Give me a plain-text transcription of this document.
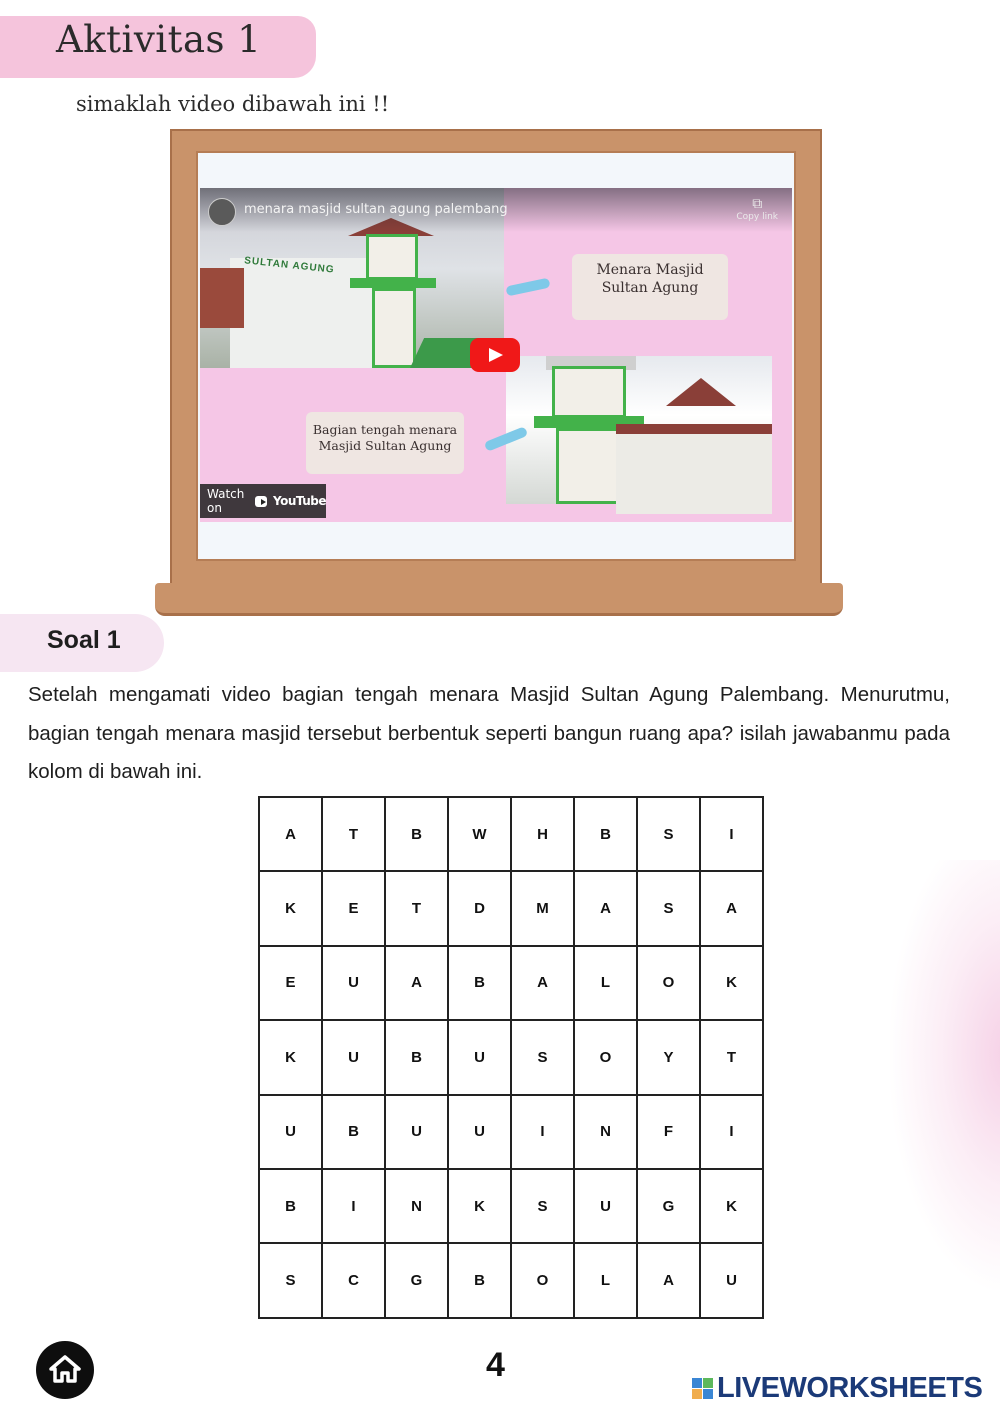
Aktivitas 1
simaklah video dibawah ini !!
SULTAN AGUNG	Menara Masjid Sultan Agung
Bagian tengah menara Masjid Sultan Agung
menara masjid sultan agung palembang	⧉
Copy link
Watch on	YouTube
Soal 1
Setelah mengamati video bagian tengah menara Masjid Sultan Agung Palembang. Menurutmu, bagian tengah menara masjid tersebut berbentuk seperti bangun ruang apa? isilah jawabanmu pada kolom di bawah ini.
A	T	B	W	H	B	S	I
K	E	T	D	M	A	S	A
E	U	A	B	A	L	O	K
K	U	B	U	S	O	Y	T
U	B	U	U	I	N	F	I
B	I	N	K	S	U	G	K
S	C	G	B	O	L	A	U
4
LIVEWORKSHEETS
